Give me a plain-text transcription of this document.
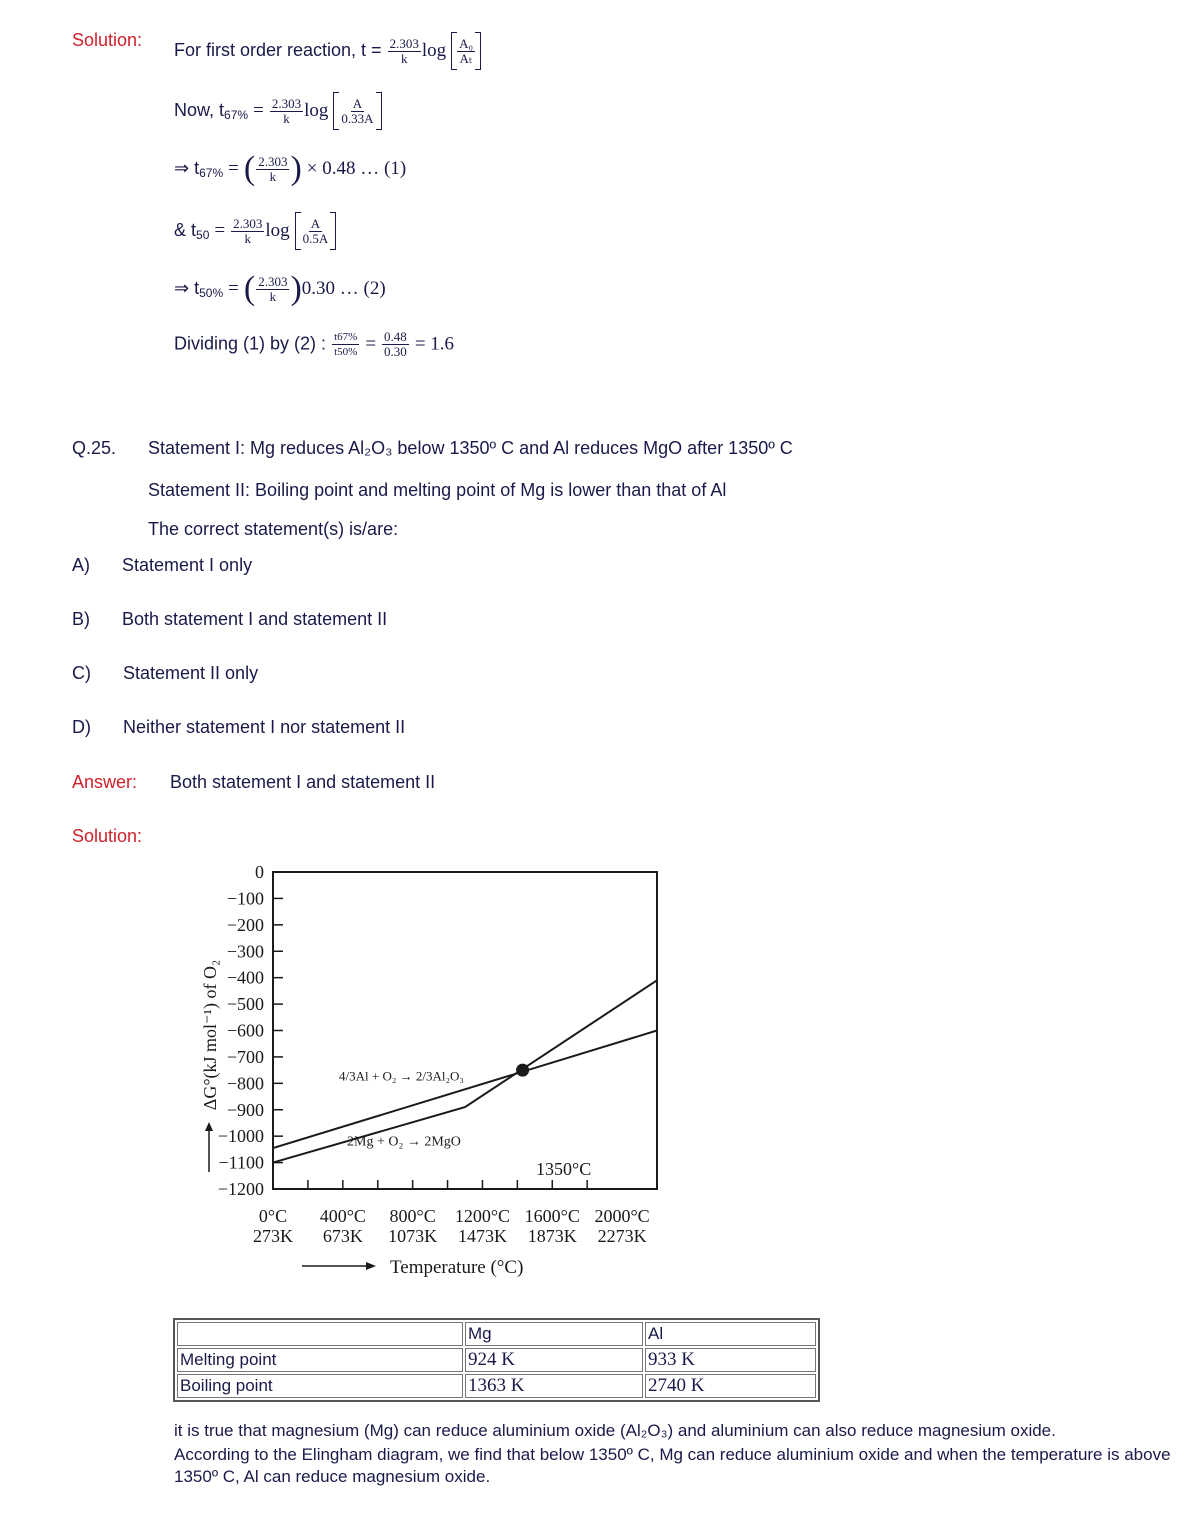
Solution: For first order reaction, $t = \frac{2.303}{k}$ $\log \frac{\text{A₀}}{\text{Aₜ}}$
Now, $t_{67\%} = \frac{2.303}{k}$ $\log \frac{A}{0.33A}$
⇒ $t_{67\%}$ = ( $\frac{2.303}{k}$ ) × 0.48 … (1)
& $t_{50} = \frac{2.303}{k}$ $\log \frac{A}{0.5A}$
⇒ $t_{50\%}$ = ( $\frac{2.303}{k} )0.30$ … (2)
Dividing (1) by (2) : $\frac{t67\%}{t50\%} = \frac{0.48}{0.30} = 1.6$
Q.25. Statement I: Mg reduces Al₂O₃ below 1350º C and Al reduces MgO after 1350º C
Statement II: Boiling point and melting point of Mg is lower than that of Al
The correct statement(s) is/are:
A) Statement I only
B) Both statement I and statement II
C) Statement II only
D) Neither statement I nor statement II
Answer: Both statement I and statement II
Solution:
0
−100
−200
−300
−400
−500
−600
−700
−800
−900
−1000
−1100
−1200
0°C
273K
400°C
673K
800°C
1073K
1200°C
1473K
1600°C
1873K
2000°C
2273K
4/3Al + O₂ → 2/3Al₂O₃
2Mg + O₂ → 2MgO
ΔG°(kJ mol⁻¹) of O₂
Temperature (°C)
1350°C
	Mg	Al
Melting point	924 K	933 K
Boiling point	1363 K	2740 K
it is true that magnesium (Mg) can reduce aluminium oxide (Al₂O₃) and aluminium can also reduce magnesium oxide.
According to the Elingham diagram, we find that below 1350º C, Mg can reduce aluminium oxide and when the temperature is above 1350º C, Al can reduce magnesium oxide.
